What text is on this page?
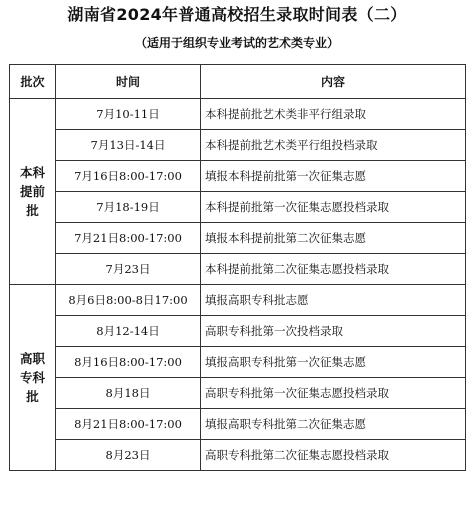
湖南省2024年普通高校招生录取时间表（二）
（适用于组织专业考试的艺术类专业）
批次	时间	内容
本科
提前
批	7月10-11日	本科提前批艺术类非平行组录取
	7月13日-14日	本科提前批艺术类平行组投档录取
	7月16日8:00-17:00	填报本科提前批第一次征集志愿
	7月18-19日	本科提前批第一次征集志愿投档录取
	7月21日8:00-17:00	填报本科提前批第二次征集志愿
	7月23日	本科提前批第二次征集志愿投档录取
高职
专科
批	8月6日8:00-8日17:00	填报高职专科批志愿
	8月12-14日	高职专科批第一次投档录取
	8月16日8:00-17:00	填报高职专科批第一次征集志愿
	8月18日	高职专科批第一次征集志愿投档录取
	8月21日8:00-17:00	填报高职专科批第二次征集志愿
	8月23日	高职专科批第二次征集志愿投档录取
